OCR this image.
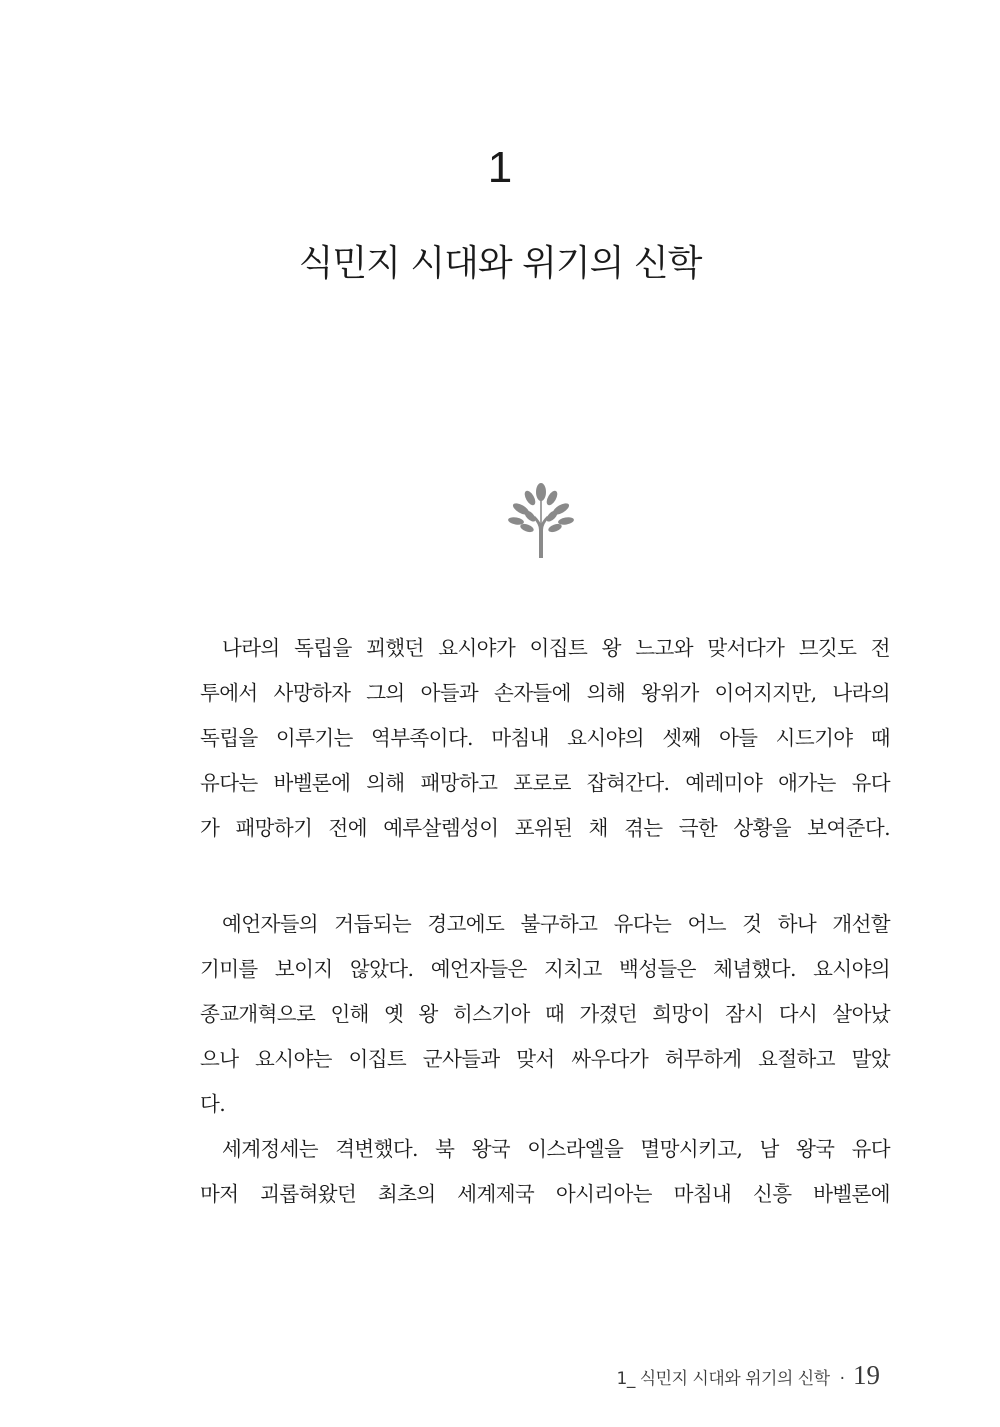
1
식민지 시대와 위기의 신학
나라의 독립을 꾀했던 요시야가 이집트 왕 느고와 맞서다가 므깃도 전
투에서 사망하자 그의 아들과 손자들에 의해 왕위가 이어지지만, 나라의
독립을 이루기는 역부족이다. 마침내 요시야의 셋째 아들 시드기야 때
유다는 바벨론에 의해 패망하고 포로로 잡혀간다. 예레미야 애가는 유다
가 패망하기 전에 예루살렘성이 포위된 채 겪는 극한 상황을 보여준다.
예언자들의 거듭되는 경고에도 불구하고 유다는 어느 것 하나 개선할
기미를 보이지 않았다. 예언자들은 지치고 백성들은 체념했다. 요시야의
종교개혁으로 인해 옛 왕 히스기아 때 가졌던 희망이 잠시 다시 살아났
으나 요시야는 이집트 군사들과 맞서 싸우다가 허무하게 요절하고 말았
다.
세계정세는 격변했다. 북 왕국 이스라엘을 멸망시키고, 남 왕국 유다
마저 괴롭혀왔던 최초의 세계제국 아시리아는 마침내 신흥 바벨론에
1_ 식민지 시대와 위기의 신학 · 19
